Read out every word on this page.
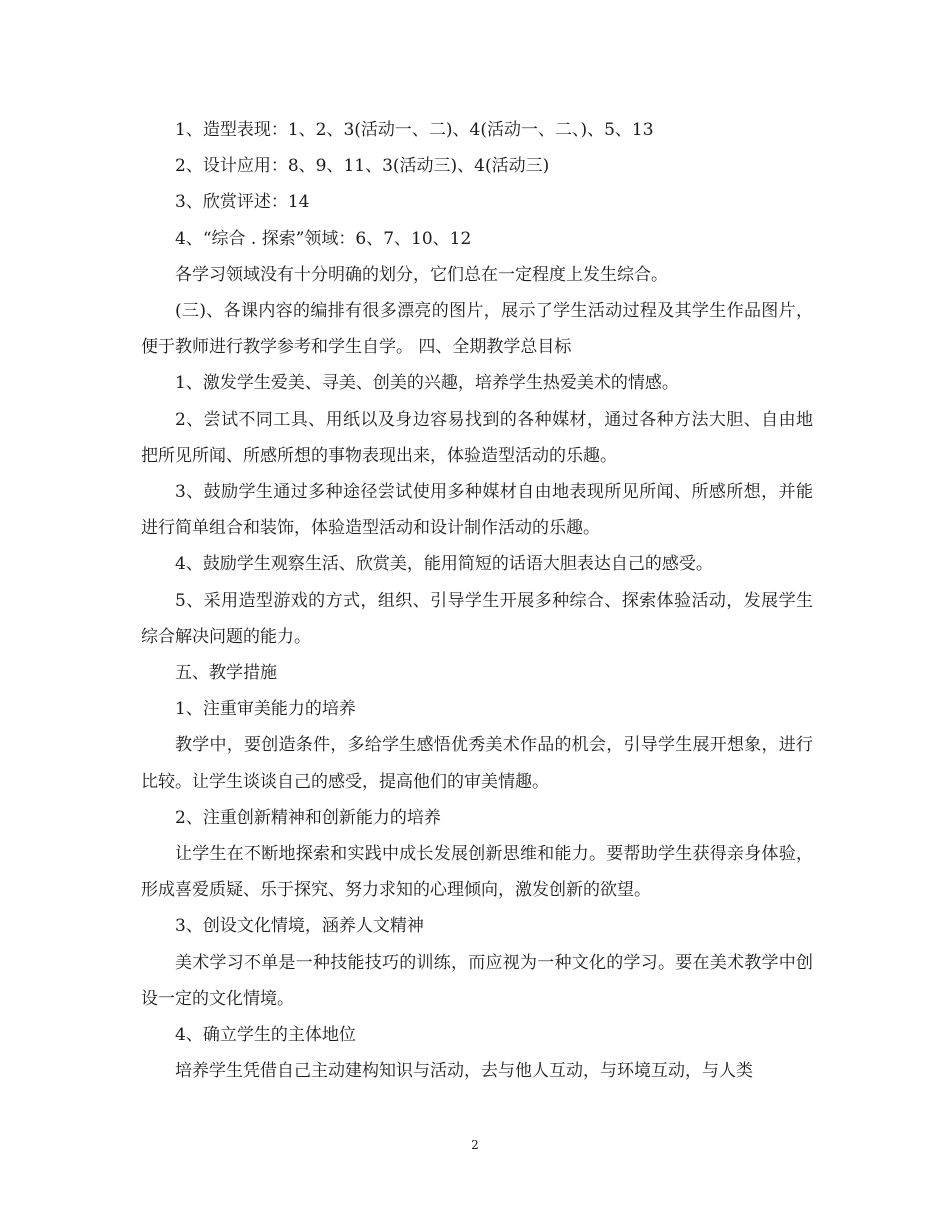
1、造型表现：1、2、3(活动一、二)、4(活动一、二、)、5、13

2、设计应用：8、9、11、3(活动三)、4(活动三)

3、欣赏评述：14

4、“综合 . 探索”领域：6、7、10、12

各学习领域没有十分明确的划分，它们总在一定程度上发生综合。

(三)、各课内容的编排有很多漂亮的图片，展示了学生活动过程及其学生作品图片，便于教师进行教学参考和学生自学。 四、全期教学总目标

1、激发学生爱美、寻美、创美的兴趣，培养学生热爱美术的情感。

2、尝试不同工具、用纸以及身边容易找到的各种媒材，通过各种方法大胆、自由地把所见所闻、所感所想的事物表现出来，体验造型活动的乐趣。

3、鼓励学生通过多种途径尝试使用多种媒材自由地表现所见所闻、所感所想，并能进行简单组合和装饰，体验造型活动和设计制作活动的乐趣。

4、鼓励学生观察生活、欣赏美，能用简短的话语大胆表达自己的感受。

5、采用造型游戏的方式，组织、引导学生开展多种综合、探索体验活动，发展学生综合解决问题的能力。

五、教学措施

1、注重审美能力的培养

教学中，要创造条件，多给学生感悟优秀美术作品的机会，引导学生展开想象，进行比较。让学生谈谈自己的感受，提高他们的审美情趣。

2、注重创新精神和创新能力的培养

让学生在不断地探索和实践中成长发展创新思维和能力。要帮助学生获得亲身体验，形成喜爱质疑、乐于探究、努力求知的心理倾向，激发创新的欲望。

3、创设文化情境，涵养人文精神

美术学习不单是一种技能技巧的训练，而应视为一种文化的学习。要在美术教学中创设一定的文化情境。

4、确立学生的主体地位

培养学生凭借自己主动建构知识与活动，去与他人互动，与环境互动，与人类

2
